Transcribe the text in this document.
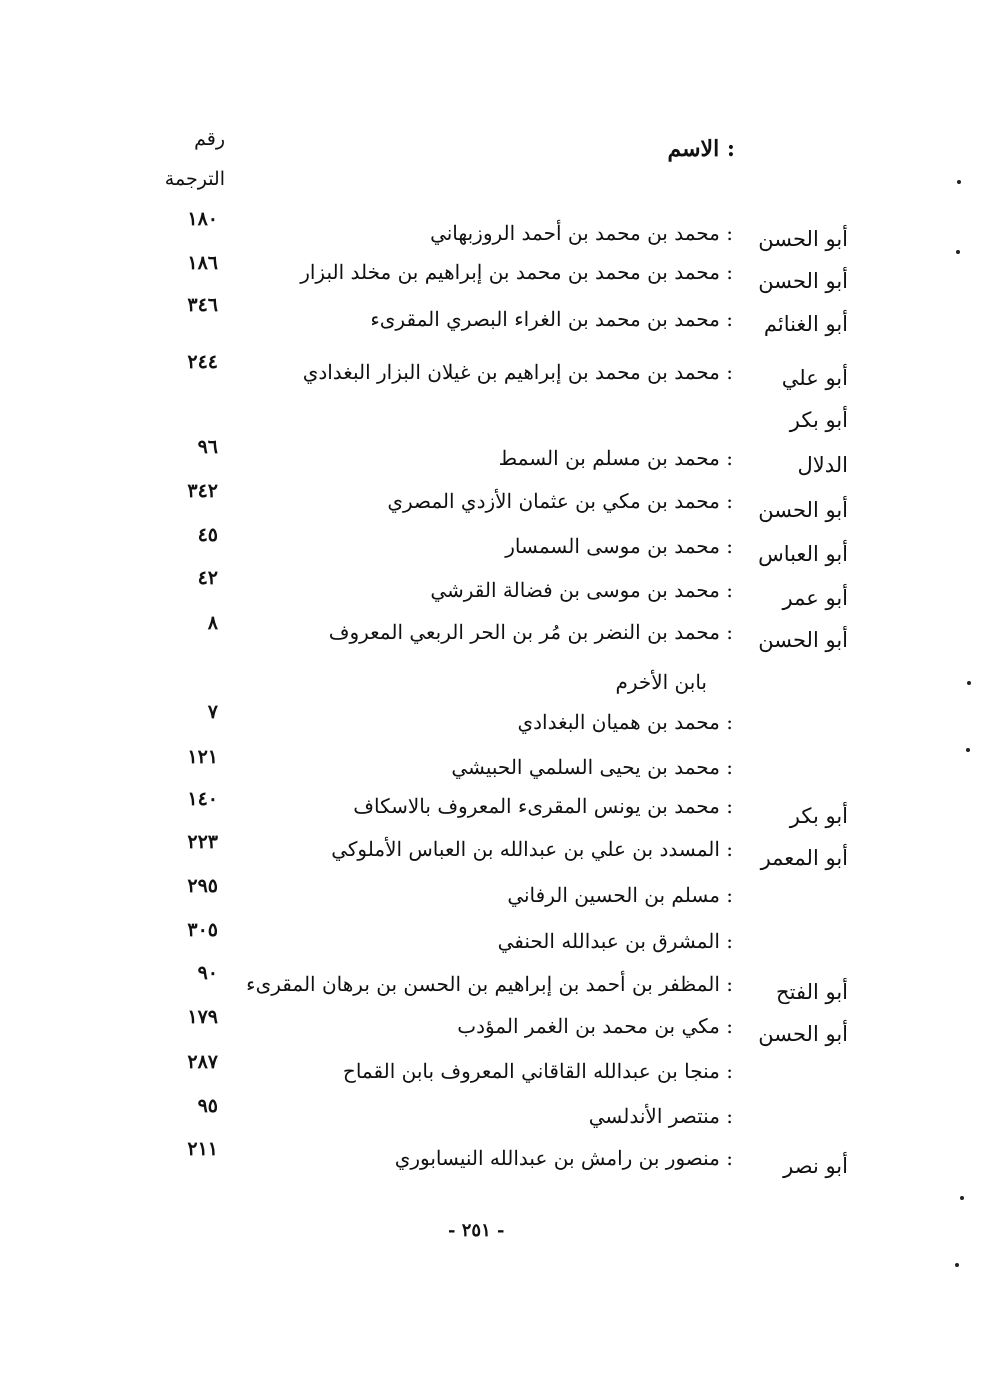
: الاسم
رقم
الترجمة
أبو الحسن
: محمد بن محمد بن أحمد الروزبهاني
١٨٠
أبو الحسن
: محمد بن محمد بن محمد بن إبراهيم بن مخلد البزار
١٨٦
أبو الغنائم
: محمد بن محمد بن الغراء البصري المقرىء
٣٤٦
أبو علي
: محمد بن محمد بن إبراهيم بن غيلان البزار البغدادي
٢٤٤
أبو بكر
الدلال
: محمد بن مسلم بن السمط
٩٦
أبو الحسن
: محمد بن مكي بن عثمان الأزدي المصري
٣٤٢
أبو العباس
: محمد بن موسى السمسار
٤٥
أبو عمر
: محمد بن موسى بن فضالة القرشي
٤٢
أبو الحسن
: محمد بن النضر بن مُر بن الحر الربعي المعروف
٨
بابن الأخرم
: محمد بن هميان البغدادي
٧
: محمد بن يحيى السلمي الحبيشي
١٢١
أبو بكر
: محمد بن يونس المقرىء المعروف بالاسكاف
١٤٠
أبو المعمر
: المسدد بن علي بن عبدالله بن العباس الأملوكي
٢٢٣
: مسلم بن الحسين الرفاني
٢٩٥
: المشرق بن عبدالله الحنفي
٣٠٥
أبو الفتح
: المظفر بن أحمد بن إبراهيم بن الحسن بن برهان المقرىء
٩٠
أبو الحسن
: مكي بن محمد بن الغمر المؤدب
١٧٩
: منجا بن عبدالله القاقاني المعروف بابن القماح
٢٨٧
: منتصر الأندلسي
٩٥
أبو نصر
: منصور بن رامش بن عبدالله النيسابوري
٢١١
- ٢٥١ -
